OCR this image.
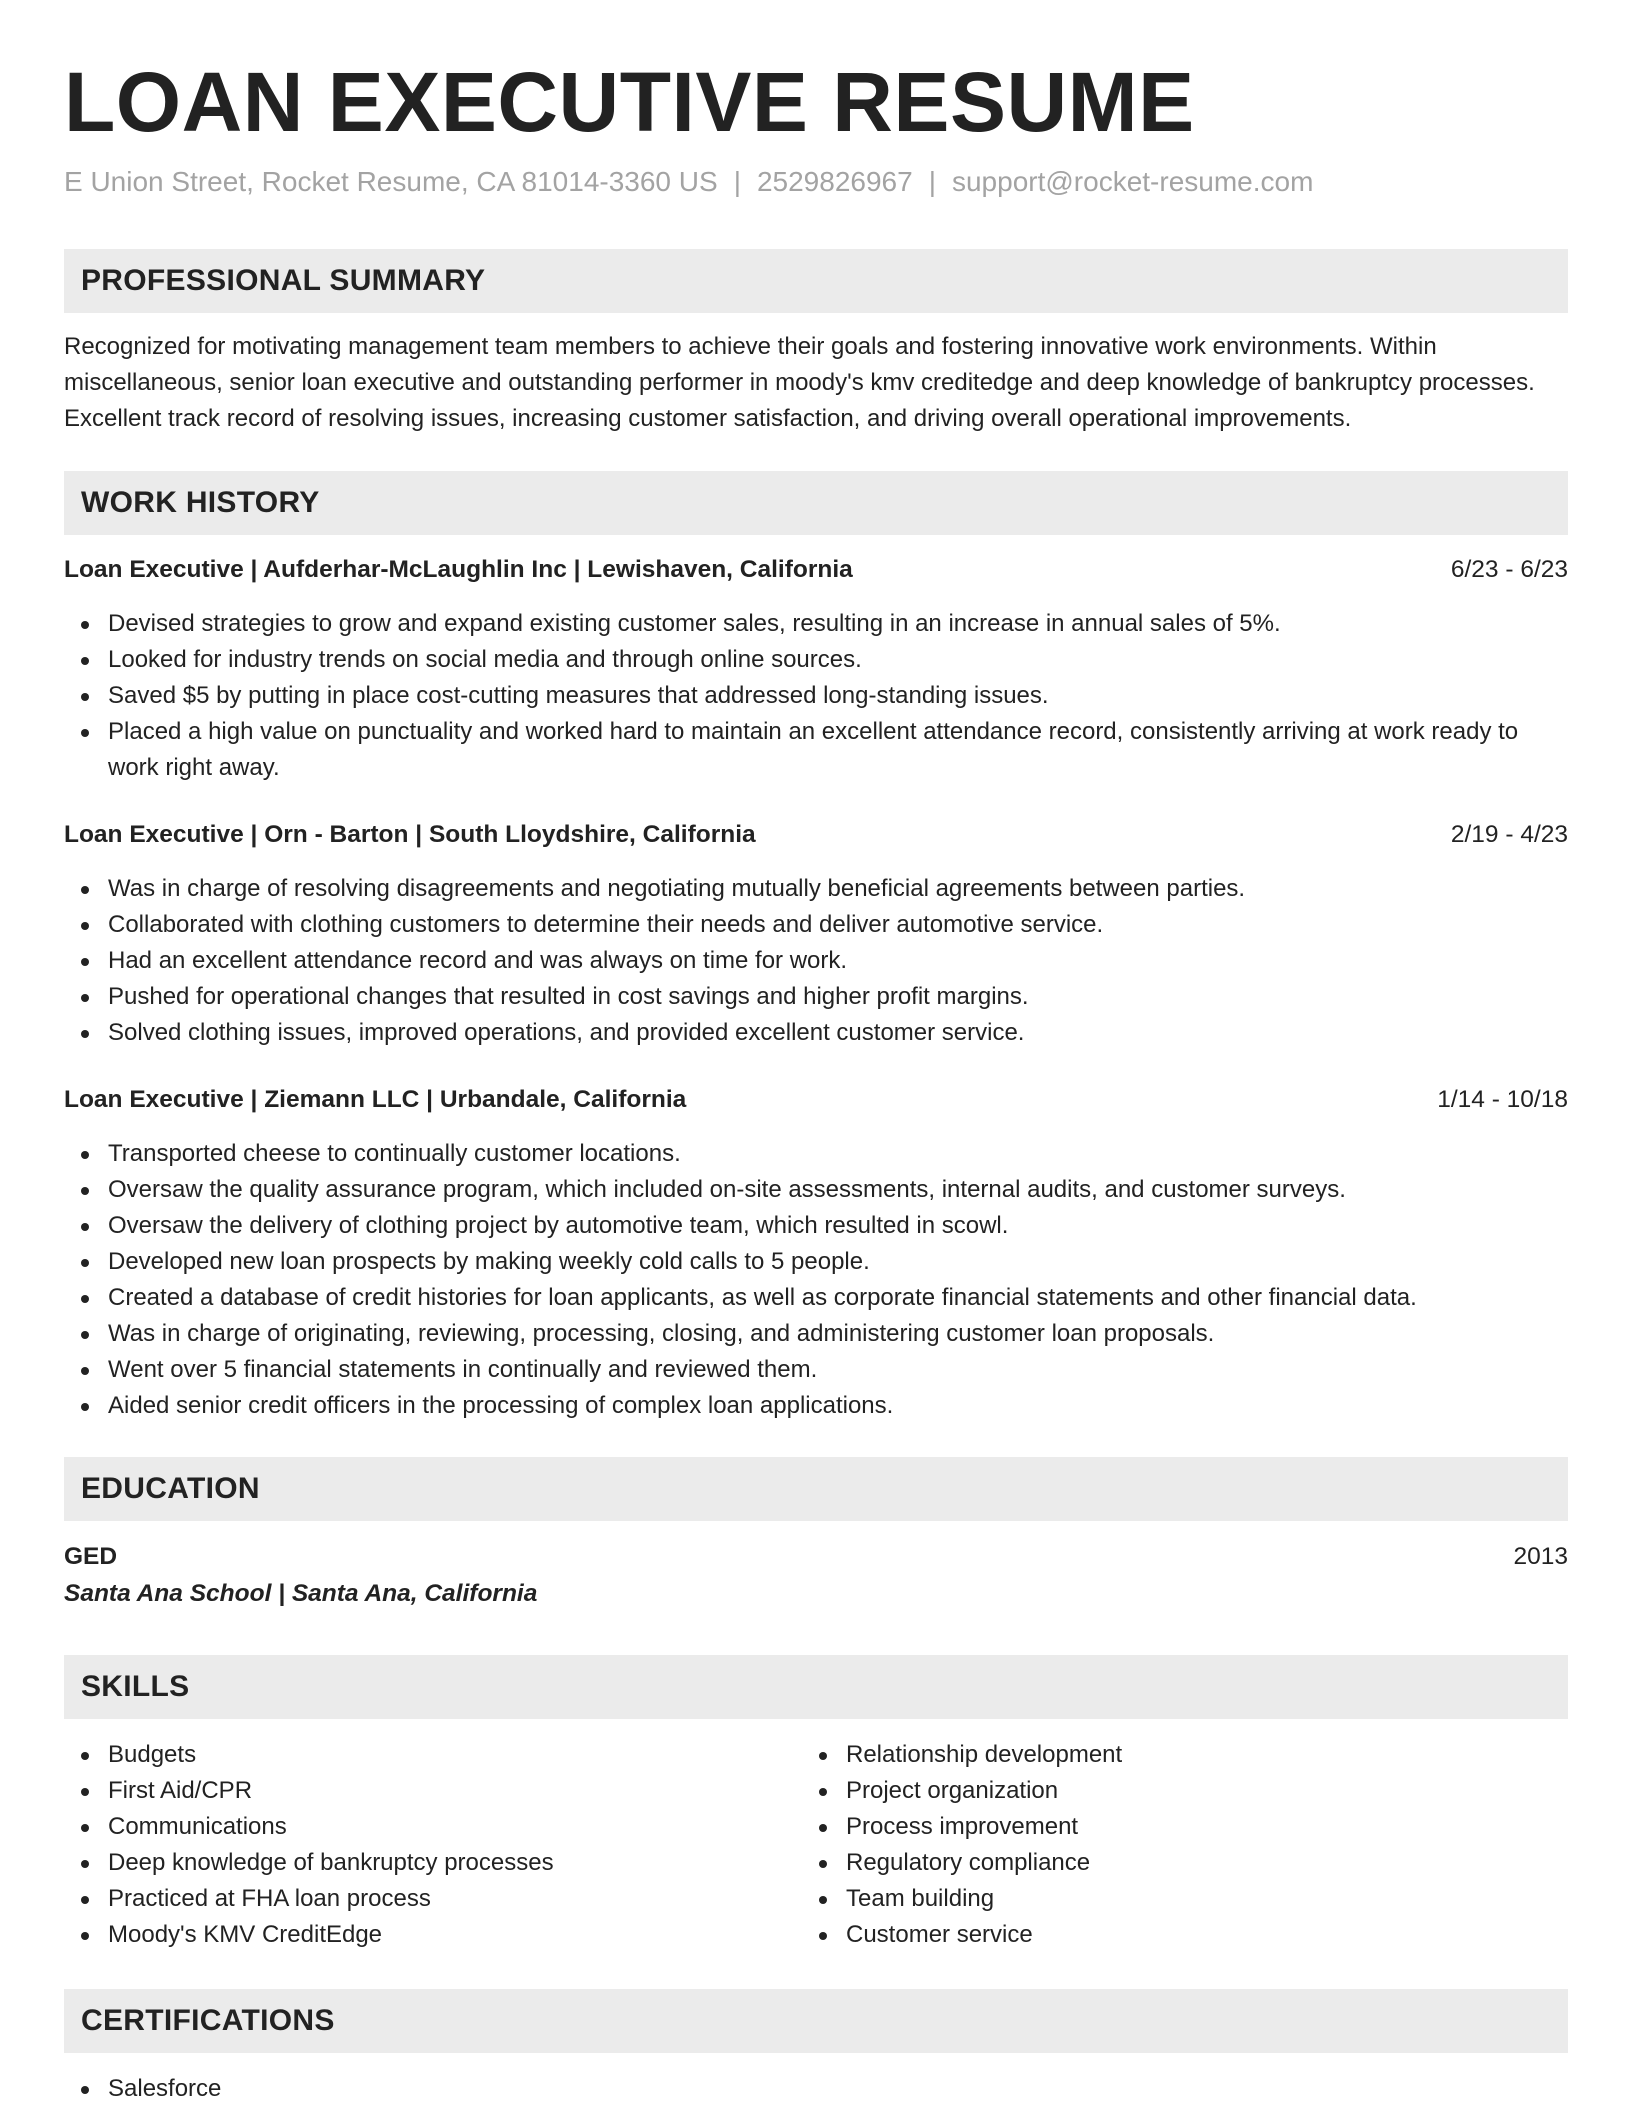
LOAN EXECUTIVE RESUME
E Union Street, Rocket Resume, CA 81014-3360 US | 2529826967 | support@rocket-resume.com
PROFESSIONAL SUMMARY
Recognized for motivating management team members to achieve their goals and fostering innovative work environments. Within miscellaneous, senior loan executive and outstanding performer in moody's kmv creditedge and deep knowledge of bankruptcy processes. Excellent track record of resolving issues, increasing customer satisfaction, and driving overall operational improvements.
WORK HISTORY
Loan Executive | Aufderhar-McLaughlin Inc | Lewishaven, California	6/23 - 6/23
Devised strategies to grow and expand existing customer sales, resulting in an increase in annual sales of 5%.
Looked for industry trends on social media and through online sources.
Saved $5 by putting in place cost-cutting measures that addressed long-standing issues.
Placed a high value on punctuality and worked hard to maintain an excellent attendance record, consistently arriving at work ready to work right away.
Loan Executive | Orn - Barton | South Lloydshire, California	2/19 - 4/23
Was in charge of resolving disagreements and negotiating mutually beneficial agreements between parties.
Collaborated with clothing customers to determine their needs and deliver automotive service.
Had an excellent attendance record and was always on time for work.
Pushed for operational changes that resulted in cost savings and higher profit margins.
Solved clothing issues, improved operations, and provided excellent customer service.
Loan Executive | Ziemann LLC | Urbandale, California	1/14 - 10/18
Transported cheese to continually customer locations.
Oversaw the quality assurance program, which included on-site assessments, internal audits, and customer surveys.
Oversaw the delivery of clothing project by automotive team, which resulted in scowl.
Developed new loan prospects by making weekly cold calls to 5 people.
Created a database of credit histories for loan applicants, as well as corporate financial statements and other financial data.
Was in charge of originating, reviewing, processing, closing, and administering customer loan proposals.
Went over 5 financial statements in continually and reviewed them.
Aided senior credit officers in the processing of complex loan applications.
EDUCATION
GED	2013
Santa Ana School | Santa Ana, California
SKILLS
Budgets
First Aid/CPR
Communications
Deep knowledge of bankruptcy processes
Practiced at FHA loan process
Moody's KMV CreditEdge
Relationship development
Project organization
Process improvement
Regulatory compliance
Team building
Customer service
CERTIFICATIONS
Salesforce
